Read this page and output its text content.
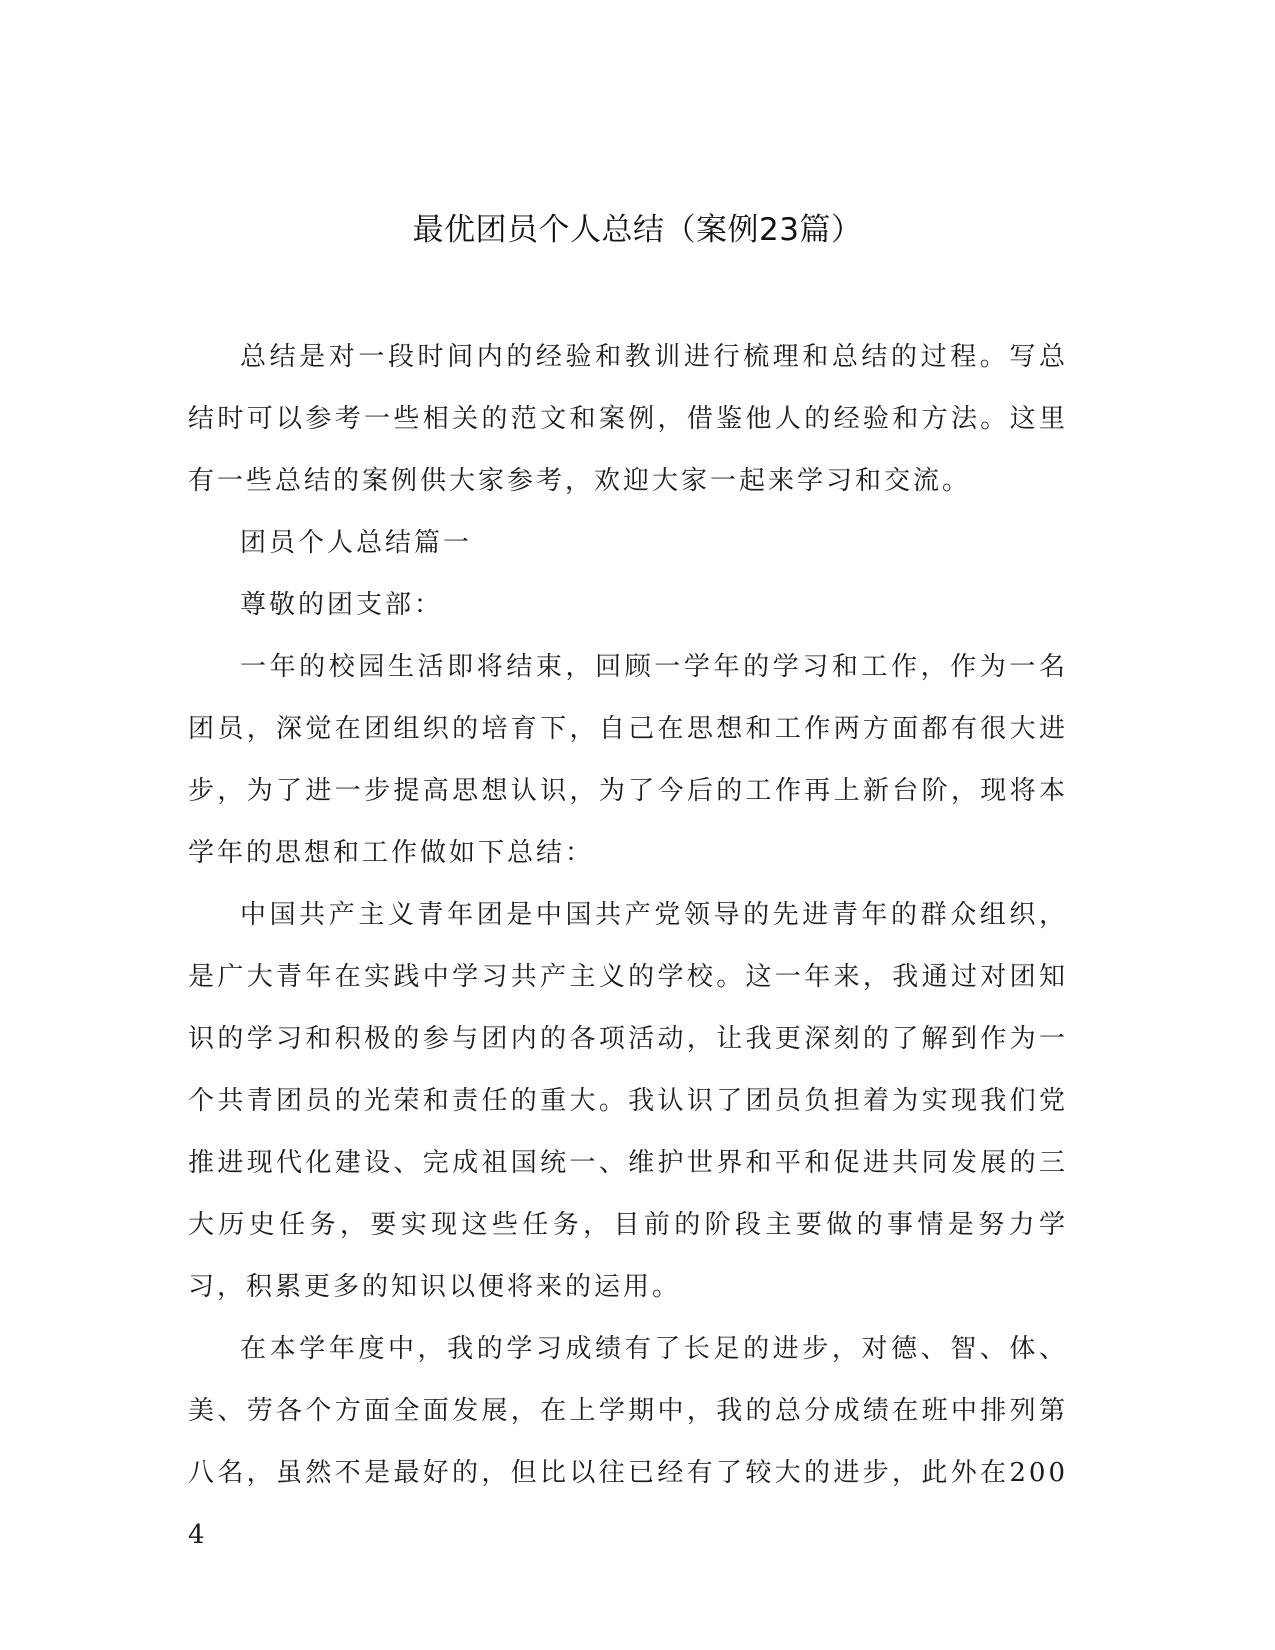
最优团员个人总结（案例23篇）

总结是对一段时间内的经验和教训进行梳理和总结的过程。写总结时可以参考一些相关的范文和案例，借鉴他人的经验和方法。这里有一些总结的案例供大家参考，欢迎大家一起来学习和交流。

团员个人总结篇一

尊敬的团支部：

一年的校园生活即将结束，回顾一学年的学习和工作，作为一名团员，深觉在团组织的培育下，自己在思想和工作两方面都有很大进步，为了进一步提高思想认识，为了今后的工作再上新台阶，现将本学年的思想和工作做如下总结：

中国共产主义青年团是中国共产党领导的先进青年的群众组织，是广大青年在实践中学习共产主义的学校。这一年来，我通过对团知识的学习和积极的参与团内的各项活动，让我更深刻的了解到作为一个共青团员的光荣和责任的重大。我认识了团员负担着为实现我们党推进现代化建设、完成祖国统一、维护世界和平和促进共同发展的三大历史任务，要实现这些任务，目前的阶段主要做的事情是努力学习，积累更多的知识以便将来的运用。

在本学年度中，我的学习成绩有了长足的进步，对德、智、体、美、劳各个方面全面发展，在上学期中，我的总分成绩在班中排列第八名，虽然不是最好的，但比以往已经有了较大的进步，此外在2004
